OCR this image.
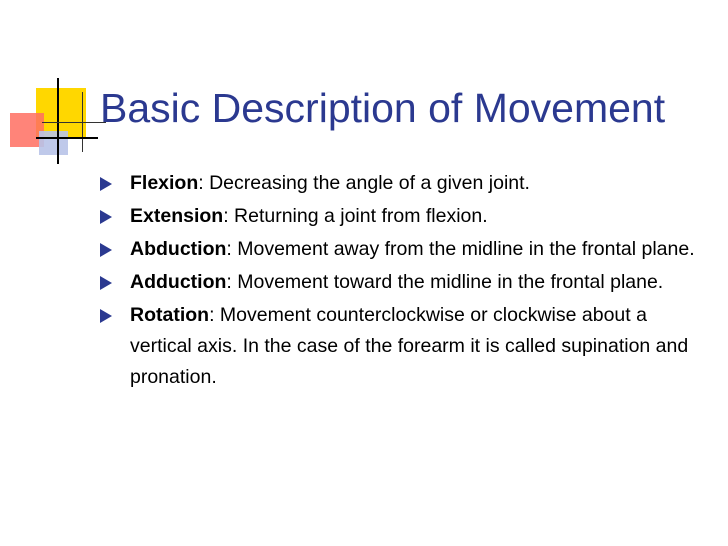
Basic Description of Movement
Flexion: Decreasing the angle of a given joint.
Extension: Returning a joint from flexion.
Abduction: Movement away from the midline in the frontal plane.
Adduction: Movement toward the midline in the frontal plane.
Rotation: Movement counterclockwise or clockwise about a vertical axis. In the case of the forearm it is called supination and pronation.
